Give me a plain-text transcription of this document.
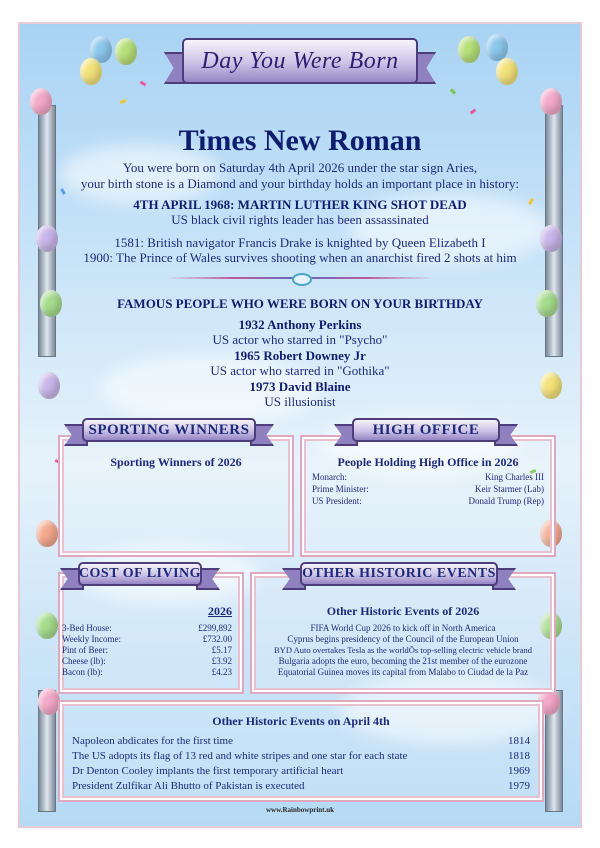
Day You Were Born
Times New Roman
You were born on Saturday 4th April 2026 under the star sign Aries,
your birth stone is a Diamond and your birthday holds an important place in history:
4TH APRIL 1968: MARTIN LUTHER KING SHOT DEAD
US black civil rights leader has been assassinated
1581: British navigator Francis Drake is knighted by Queen Elizabeth I
1900: The Prince of Wales survives shooting when an anarchist fired 2 shots at him
FAMOUS PEOPLE WHO WERE BORN ON YOUR BIRTHDAY
1932 Anthony Perkins
US actor who starred in "Psycho"
1965 Robert Downey Jr
US actor who starred in "Gothika"
1973 David Blaine
US illusionist
Sporting Winners of 2026
SPORTING WINNERS
People Holding High Office in 2026
Monarch:	King Charles III
Prime Minister:	Keir Starmer (Lab)
US President:	Donald Trump (Rep)
HIGH OFFICE
2026
3-Bed House:	£299,892
Weekly Income:	£732.00
Pint of Beer:	£5.17
Cheese (lb):	£3.92
Bacon (lb):	£4.23
COST OF LIVING
Other Historic Events of 2026
FIFA World Cup 2026 to kick off in North America
Cyprus begins presidency of the Council of the European Union
BYD Auto overtakes Tesla as the worldÕs top-selling electric vehicle brand
Bulgaria adopts the euro, becoming the 21st member of the eurozone
Equatorial Guinea moves its capital from Malabo to Ciudad de la Paz
OTHER HISTORIC EVENTS
Other Historic Events on April 4th
Napoleon abdicates for the first time	1814
The US adopts its flag of 13 red and white stripes and one star for each state	1818
Dr Denton Cooley implants the first temporary artificial heart	1969
President Zulfikar Ali Bhutto of Pakistan is executed	1979
www.Rainbowprint.uk
